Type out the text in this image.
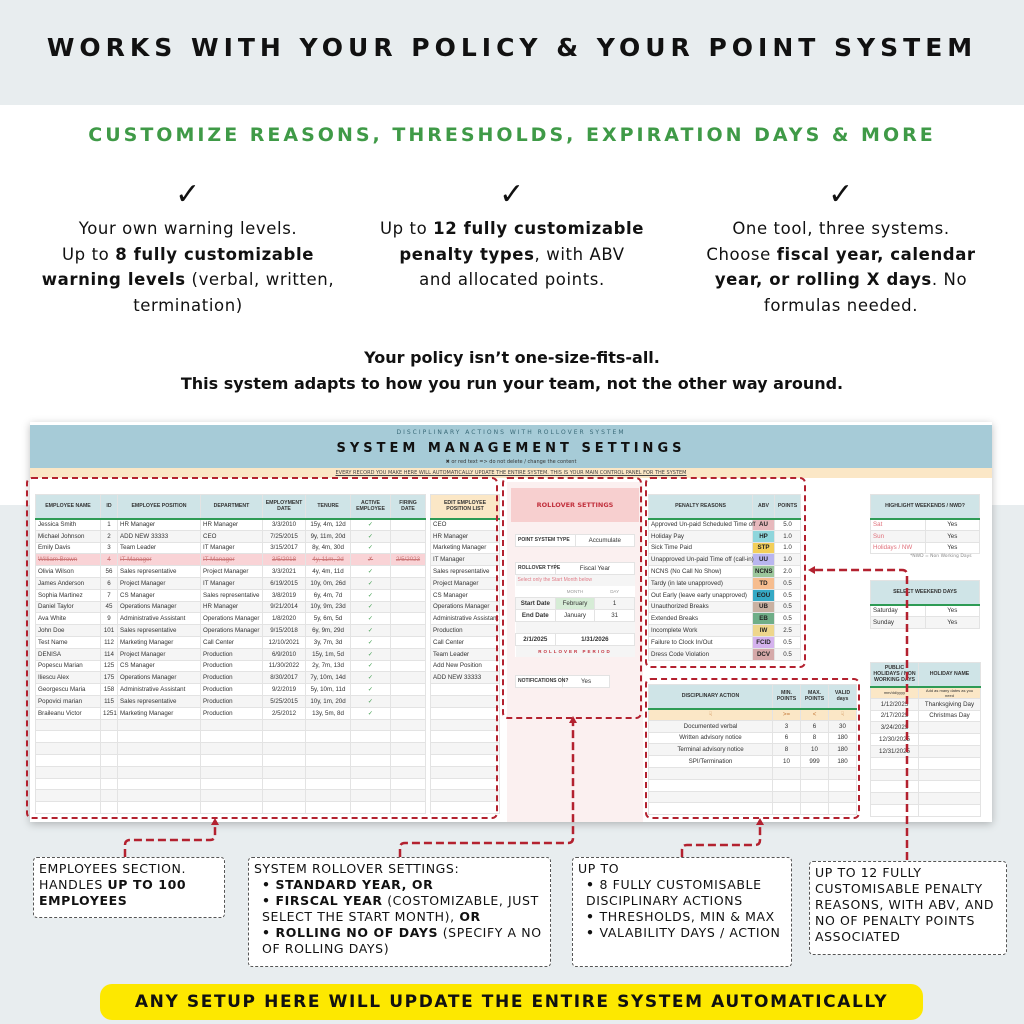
WORKS WITH YOUR POLICY & YOUR POINT SYSTEM
CUSTOMIZE REASONS, THRESHOLDS, EXPIRATION DAYS & MORE
✓
Your own warning levels.
Up to 8 fully customizable
warning levels (verbal, written,
termination)
✓
Up to 12 fully customizable
penalty types, with ABV
and allocated points.
✓
One tool, three systems.
Choose fiscal year, calendar
year, or rolling X days. No
formulas needed.
Your policy isn’t one-size-fits-all.
This system adapts to how you run your team, not the other way around.
DISCIPLINARY ACTIONS WITH ROLLOVER SYSTEM
SYSTEM MANAGEMENT SETTINGS
✖ or red text => do not delete / change the content
EVERY RECORD YOU MAKE HERE WILL AUTOMATICALLY UPDATE THE ENTIRE SYSTEM. THIS IS YOUR MAIN CONTROL PANEL FOR THE SYSTEM
EMPLOYEE NAME	ID	EMPLOYEE POSITION	DEPARTMENT	EMPLOYMENT DATE	TENURE	ACTIVE EMPLOYEE	FIRING DATE
Jessica Smith	1	HR Manager	HR Manager	3/3/2010	15y, 4m, 12d	✓	
Michael Johnson	2	ADD NEW 33333	CEO	7/25/2015	9y, 11m, 20d	✓	
Emily Davis	3	Team Leader	IT Manager	3/15/2017	8y, 4m, 30d	✓	
William Brown	4	IT Manager	IT Manager	3/5/2018	4y, 11m, 2d	✗	2/5/2023
Olivia Wilson	56	Sales representative	Project Manager	3/3/2021	4y, 4m, 11d	✓	
James Anderson	6	Project Manager	IT Manager	6/19/2015	10y, 0m, 26d	✓	
Sophia Martinez	7	CS Manager	Sales representative	3/8/2019	6y, 4m, 7d	✓	
Daniel Taylor	45	Operations Manager	HR Manager	9/21/2014	10y, 9m, 23d	✓	
Ava White	9	Administrative Assistant	Operations Manager	1/8/2020	5y, 6m, 5d	✓	
John Doe	101	Sales representative	Operations Manager	9/15/2018	6y, 9m, 29d	✓	
Test Name	112	Marketing Manager	Call Center	12/10/2021	3y, 7m, 3d	✓	
DENISA	114	Project Manager	Production	6/9/2010	15y, 1m, 5d	✓	
Popescu Marian	125	CS Manager	Production	11/30/2022	2y, 7m, 13d	✓	
Iliescu Alex	175	Operations Manager	Production	8/30/2017	7y, 10m, 14d	✓	
Georgescu Maria	158	Administrative Assistant	Production	9/2/2019	5y, 10m, 11d	✓	
Popovici marian	115	Sales representative	Production	5/25/2015	10y, 1m, 20d	✓	
Braileanu Victor	1251	Marketing Manager	Production	2/5/2012	13y, 5m, 8d	✓	

EDIT EMPLOYEE POSITION LIST
CEO
HR Manager
Marketing Manager
IT Manager
Sales representative
Project Manager
CS Manager
Operations Manager
Administrative Assistant
Production
Call Center
Team Leader
Add New Position
ADD NEW 33333

ROLLOVER SETTINGS
POINT SYSTEM TYPE	Accumulate
ROLLOVER TYPE	Fiscal Year	
Select only the Start Month below		
	MONTH	DAY
Start Date	February	1
End Date	January	31

2/1/2025	1/31/2026	
ROLLOVER PERIOD		
NOTIFICATIONS ON?	Yes
PENALTY REASONS	ABV	POINTS
Approved Un-paid Scheduled Time off	AU	5.0
Holiday Pay	HP	1.0
Sick Time Paid	STP	1.0
Unapproved Un-paid Time off (call-in)	UU	1.0
NCNS (No Call No Show)	NCNS	2.0
Tardy (in late unapproved)	TD	0.5
Out Early (leave early unapproved)	EOU	0.5
Unauthorized Breaks	UB	0.5
Extended Breaks	EB	0.5
Incomplete Work	IW	2.5
Failure to Clock In/Out	FCID	0.5
Dress Code Violation	DCV	0.5
DISCIPLINARY ACTION	MIN. POINTS	MAX. POINTS	VALID days
☟	>=	<	☟
Documented verbal	3	6	30
Written advisory notice	6	8	180
Terminal advisory notice	8	10	180
SPI/Termination	10	999	180

HIGHLIGHT WEEKENDS / NWD?	
Sat	Yes
Sun	Yes
Holidays / NW	Yes
*NWD = Non Working Days
SELECT WEEKEND DAYS	
Saturday	Yes
Sunday	Yes
PUBLIC HOLIDAYS / NON WORKING DAYS	HOLIDAY NAME
mm/dd/yyyy	Add as many dates as you need
1/12/2025	Thanksgiving Day
2/17/2025	Christmas Day
3/24/2025	
12/30/2025	
12/31/2025	

EMPLOYEES SECTION. HANDLES UP TO 100 EMPLOYEES
SYSTEM ROLLOVER SETTINGS:
• STANDARD YEAR, OR
• FIRSCAL YEAR (COSTOMIZABLE, JUST SELECT THE START MONTH), OR
• ROLLING NO OF DAYS (SPECIFY A NO OF ROLLING DAYS)
UP TO
• 8 FULLY CUSTOMISABLE DISCIPLINARY ACTIONS
• THRESHOLDS, MIN & MAX
• VALABILITY DAYS / ACTION
UP TO 12 FULLY CUSTOMISABLE PENALTY REASONS, WITH ABV, AND NO OF PENALTY POINTS ASSOCIATED
ANY SETUP HERE WILL UPDATE THE ENTIRE SYSTEM AUTOMATICALLY
